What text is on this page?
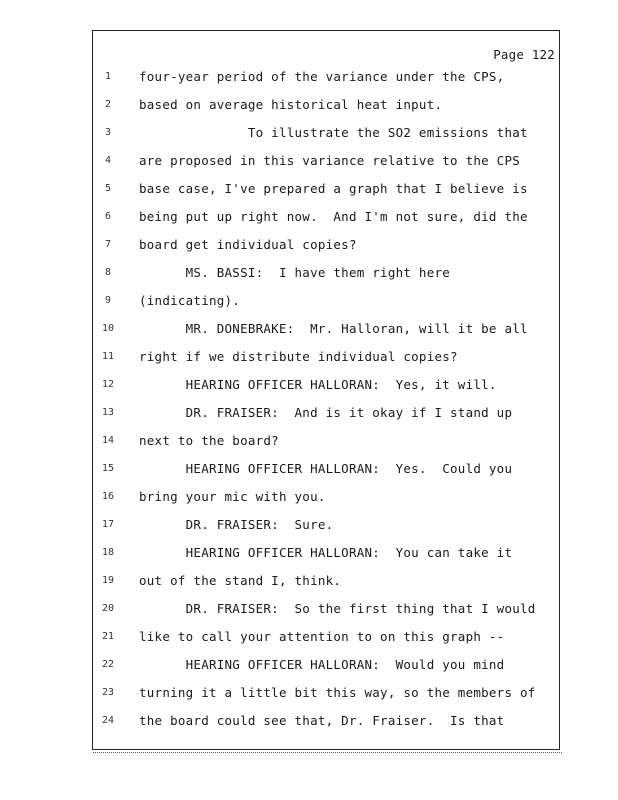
Page 122
1	four-year period of the variance under the CPS,
2	based on average historical heat input.
3	To illustrate the SO2 emissions that
4	are proposed in this variance relative to the CPS
5	base case, I've prepared a graph that I believe is
6	being put up right now.  And I'm not sure, did the
7	board get individual copies?
8	MS. BASSI:  I have them right here
9	(indicating).
10	MR. DONEBRAKE:  Mr. Halloran, will it be all
11	right if we distribute individual copies?
12	HEARING OFFICER HALLORAN:  Yes, it will.
13	DR. FRAISER:  And is it okay if I stand up
14	next to the board?
15	HEARING OFFICER HALLORAN:  Yes.  Could you
16	bring your mic with you.
17	DR. FRAISER:  Sure.
18	HEARING OFFICER HALLORAN:  You can take it
19	out of the stand I, think.
20	DR. FRAISER:  So the first thing that I would
21	like to call your attention to on this graph --
22	HEARING OFFICER HALLORAN:  Would you mind
23	turning it a little bit this way, so the members of
24	the board could see that, Dr. Fraiser.  Is that
